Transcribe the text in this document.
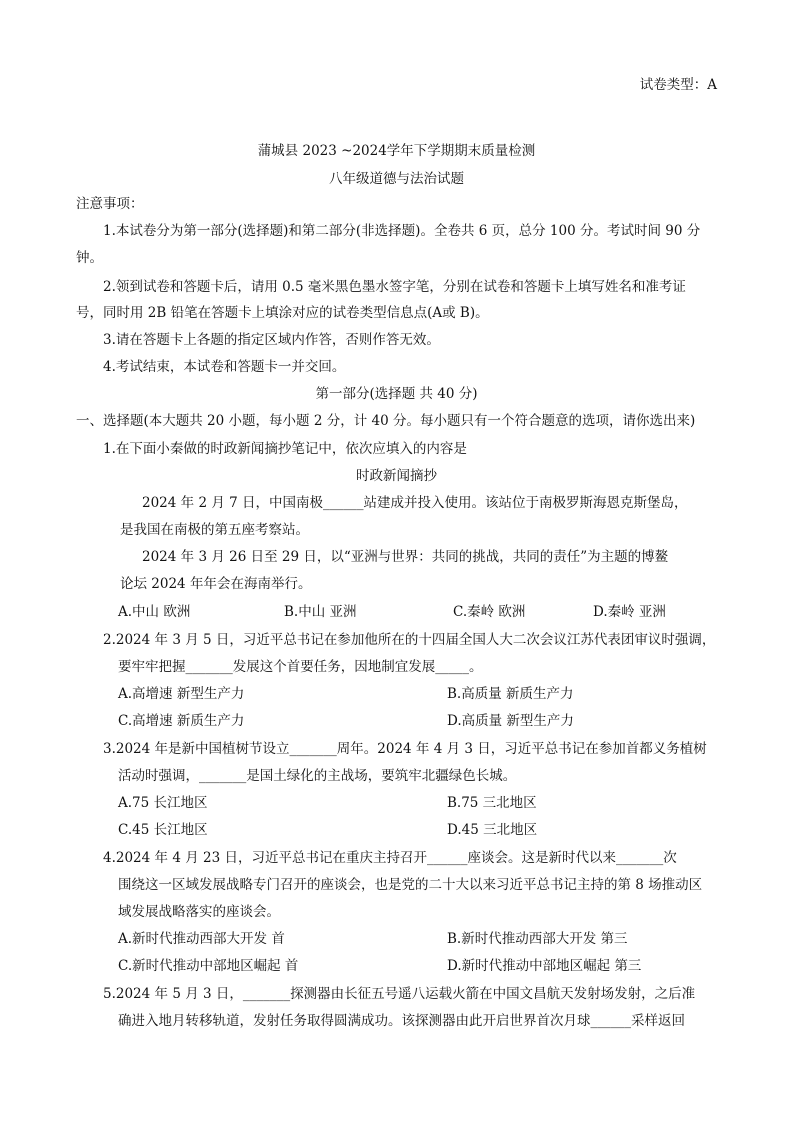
试卷类型：A
蒲城县 2023 ~2024学年下学期期末质量检测
八年级道德与法治试题
注意事项：
1.本试卷分为第一部分(选择题)和第二部分(非选择题)。全卷共 6 页，总分 100 分。考试时间 90 分
钟。
2.领到试卷和答题卡后，请用 0.5 毫米黑色墨水签字笔，分别在试卷和答题卡上填写姓名和准考证
号，同时用 2B 铅笔在答题卡上填涂对应的试卷类型信息点(A或 B)。
3.请在答题卡上各题的指定区域内作答，否则作答无效。
4.考试结束，本试卷和答题卡一并交回。
第一部分(选择题 共 40 分)
一、选择题(本大题共 20 小题，每小题 2 分，计 40 分。每小题只有一个符合题意的选项，请你选出来)
1.在下面小秦做的时政新闻摘抄笔记中，依次应填入的内容是
时政新闻摘抄
2024 年 2 月 7 日，中国南极______站建成并投入使用。该站位于南极罗斯海恩克斯堡岛，
是我国在南极的第五座考察站。
2024 年 3 月 26 日至 29 日，以“亚洲与世界：共同的挑战，共同的责任”为主题的博鳌
论坛 2024 年年会在海南举行。
A.中山 欧洲	B.中山 亚洲	C.秦岭 欧洲	D.秦岭 亚洲
2.2024 年 3 月 5 日，习近平总书记在参加他所在的十四届全国人大二次会议江苏代表团审议时强调，
要牢牢把握_______发展这个首要任务，因地制宜发展_____。
A.高增速 新型生产力	B.高质量 新质生产力
C.高增速 新质生产力	D.高质量 新型生产力
3.2024 年是新中国植树节设立_______周年。2024 年 4 月 3 日，习近平总书记在参加首都义务植树
活动时强调，_______是国土绿化的主战场，要筑牢北疆绿色长城。
A.75 长江地区	B.75 三北地区
C.45 长江地区	D.45 三北地区
4.2024 年 4 月 23 日，习近平总书记在重庆主持召开______座谈会。这是新时代以来_______次
围绕这一区域发展战略专门召开的座谈会，也是党的二十大以来习近平总书记主持的第 8 场推动区
域发展战略落实的座谈会。
A.新时代推动西部大开发 首	B.新时代推动西部大开发 第三
C.新时代推动中部地区崛起 首	D.新时代推动中部地区崛起 第三
5.2024 年 5 月 3 日，_______探测器由长征五号遥八运载火箭在中国文昌航天发射场发射，之后准
确进入地月转移轨道，发射任务取得圆满成功。该探测器由此开启世界首次月球______采样返回
